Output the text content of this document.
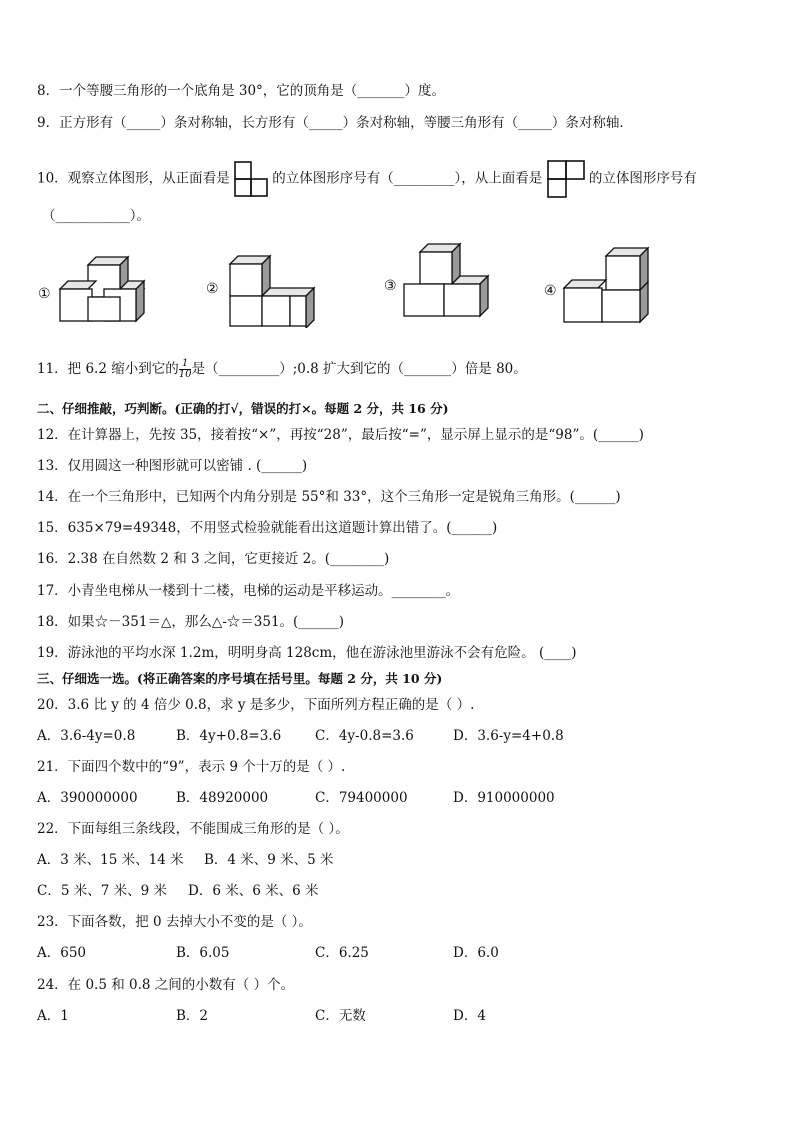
8．一个等腰三角形的一个底角是 30°，它的顶角是（_______）度。
9．正方形有（_____）条对称轴，长方形有（_____）条对称轴，等腰三角形有（_____）条对称轴．
10．观察立体图形，从正面看是	的立体图形序号有（_________），从上面看是	的立体图形序号有
（___________）。
①	②	③	④
11．把 6.2 缩小到它的 $\frac{1}{10}$ 是（_________）;0.8 扩大到它的（_______）倍是 80。
二、仔细推敲，巧判断。(正确的打√，错误的打×。每题 2 分，共 16 分)
12．在计算器上，先按 35，接着按“×”，再按“28”，最后按“=”，显示屏上显示的是“98”。(______)
13．仅用圆这一种图形就可以密铺 . (______)
14．在一个三角形中，已知两个内角分别是 55°和 33°，这个三角形一定是锐角三角形。(______)
15．635×79=49348，不用竖式检验就能看出这道题计算出错了。(______)
16．2.38 在自然数 2 和 3 之间，它更接近 2。(________)
17．小青坐电梯从一楼到十二楼，电梯的运动是平移运动。________。
18．如果☆－351＝△，那么△-☆＝351。(______)
19．游泳池的平均水深 1.2m，明明身高 128cm，他在游泳池里游泳不会有危险。 (____)
三、仔细选一选。(将正确答案的序号填在括号里。每题 2 分，共 10 分)
20．3.6 比 y 的 4 倍少 0.8，求 y 是多少，下面所列方程正确的是（ ）.
A．3.6-4y=0.8	B．4y+0.8=3.6	C．4y-0.8=3.6	D．3.6-y=4+0.8
21．下面四个数中的“9”，表示 9 个十万的是（ ）.
A．390000000	B．48920000	C．79400000	D．910000000
22．下面每组三条线段，不能围成三角形的是（ ）。
A．3 米、15 米、14 米 B．4 米、9 米、5 米
C．5 米、7 米、9 米 D．6 米、6 米、6 米
23．下面各数，把 0 去掉大小不变的是（ ）。
A．650	B．6.05	C．6.25	D．6.0
24．在 0.5 和 0.8 之间的小数有（ ）个。
A．1	B．2	C．无数	D．4
